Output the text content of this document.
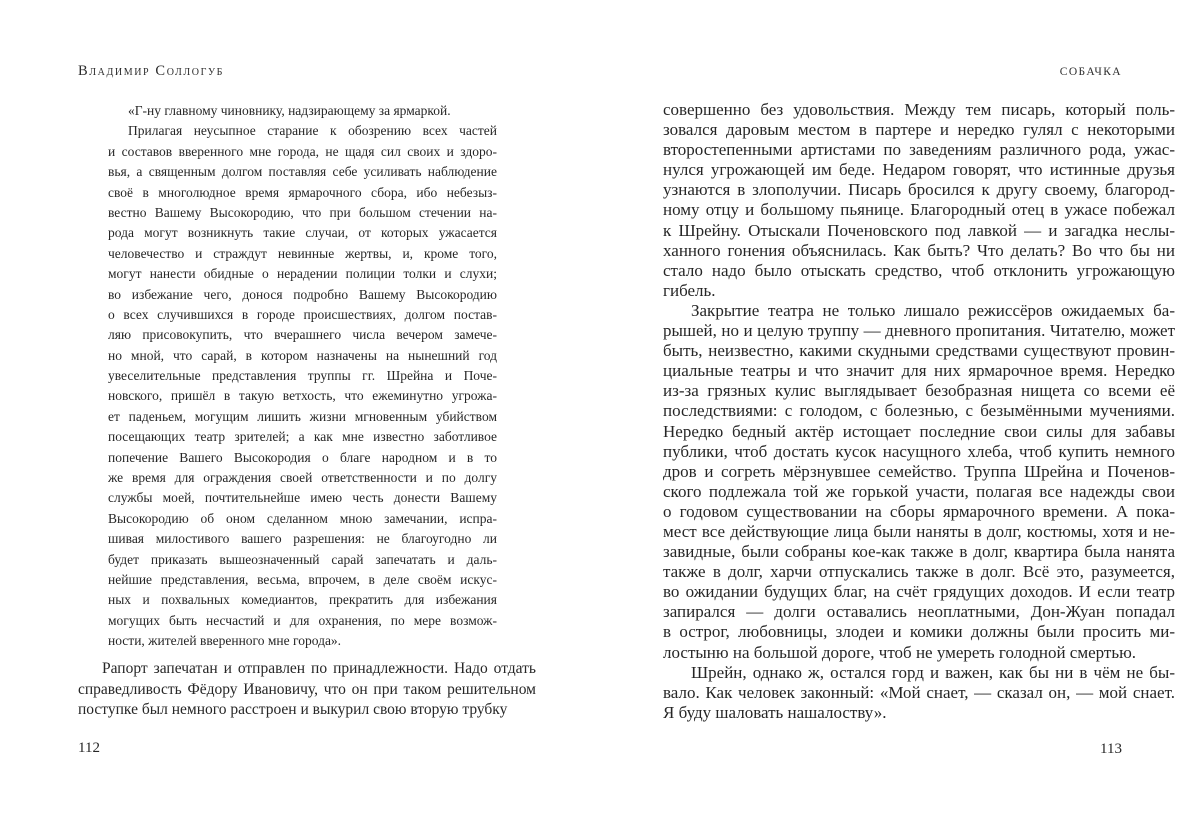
Владимир Соллогуб
«Г-ну главному чиновнику, надзирающему за ярмаркой.
Прилагая неусыпное старание к обозрению всех частей
и составов вверенного мне города, не щадя сил своих и здоро-
вья, а священным долгом поставляя себе усиливать наблюдение
своё в многолюдное время ярмарочного сбора, ибо небезыз-
вестно Вашему Высокородию, что при большом стечении на-
рода могут возникнуть такие случаи, от которых ужасается
человечество и страждут невинные жертвы, и, кроме того,
могут нанести обидные о нерадении полиции толки и слухи;
во избежание чего, донося подробно Вашему Высокородию
о всех случившихся в городе происшествиях, долгом постав-
ляю присовокупить, что вчерашнего числа вечером замече-
но мной, что сарай, в котором назначены на нынешний год
увеселительные представления труппы гг. Шрейна и Поче-
новского, пришёл в такую ветхость, что ежеминутно угрожа-
ет паденьем, могущим лишить жизни мгновенным убийством
посещающих театр зрителей; а как мне известно заботливое
попечение Вашего Высокородия о благе народном и в то
же время для ограждения своей ответственности и по долгу
службы моей, почтительнейше имею честь донести Вашему
Высокородию об оном сделанном мною замечании, испра-
шивая милостивого вашего разрешения: не благоугодно ли
будет приказать вышеозначенный сарай запечатать и даль-
нейшие представления, весьма, впрочем, в деле своём искус-
ных и похвальных комедиантов, прекратить для избежания
могущих быть несчастий и для охранения, по мере возмож-
ности, жителей вверенного мне города».
Рапорт запечатан и отправлен по принадлежности. Надо отдать
справедливость Фёдору Ивановичу, что он при таком решительном
поступке был немного расстроен и выкурил свою вторую трубку
112
СОБАЧКА
совершенно без удовольствия. Между тем писарь, который поль-
зовался даровым местом в партере и нередко гулял с некоторыми
второстепенными артистами по заведениям различного рода, ужас-
нулся угрожающей им беде. Недаром говорят, что истинные друзья
узнаются в злополучии. Писарь бросился к другу своему, благород-
ному отцу и большому пьянице. Благородный отец в ужасе побежал
к Шрейну. Отыскали Поченовского под лавкой — и загадка неслы-
ханного гонения объяснилась. Как быть? Что делать? Во что бы ни
стало надо было отыскать средство, чтоб отклонить угрожающую
гибель.
Закрытие театра не только лишало режиссёров ожидаемых ба-
рышей, но и целую труппу — дневного пропитания. Читателю, может
быть, неизвестно, какими скудными средствами существуют провин-
циальные театры и что значит для них ярмарочное время. Нередко
из-за грязных кулис выглядывает безобразная нищета со всеми её
последствиями: с голодом, с болезнью, с безымёнными мучениями.
Нередко бедный актёр истощает последние свои силы для забавы
публики, чтоб достать кусок насущного хлеба, чтоб купить немного
дров и согреть мёрзнувшее семейство. Труппа Шрейна и Поченов-
ского подлежала той же горькой участи, полагая все надежды свои
о годовом существовании на сборы ярмарочного времени. А пока-
мест все действующие лица были наняты в долг, костюмы, хотя и не-
завидные, были собраны кое-как также в долг, квартира была нанята
также в долг, харчи отпускались также в долг. Всё это, разумеется,
во ожидании будущих благ, на счёт грядущих доходов. И если театр
запирался — долги оставались неоплатными, Дон-Жуан попадал
в острог, любовницы, злодеи и комики должны были просить ми-
лостыню на большой дороге, чтоб не умереть голодной смертью.
Шрейн, однако ж, остался горд и важен, как бы ни в чём не бы-
вало. Как человек законный: «Мой снает, — сказал он, — мой снает.
Я буду шаловать нашалоству».
113
